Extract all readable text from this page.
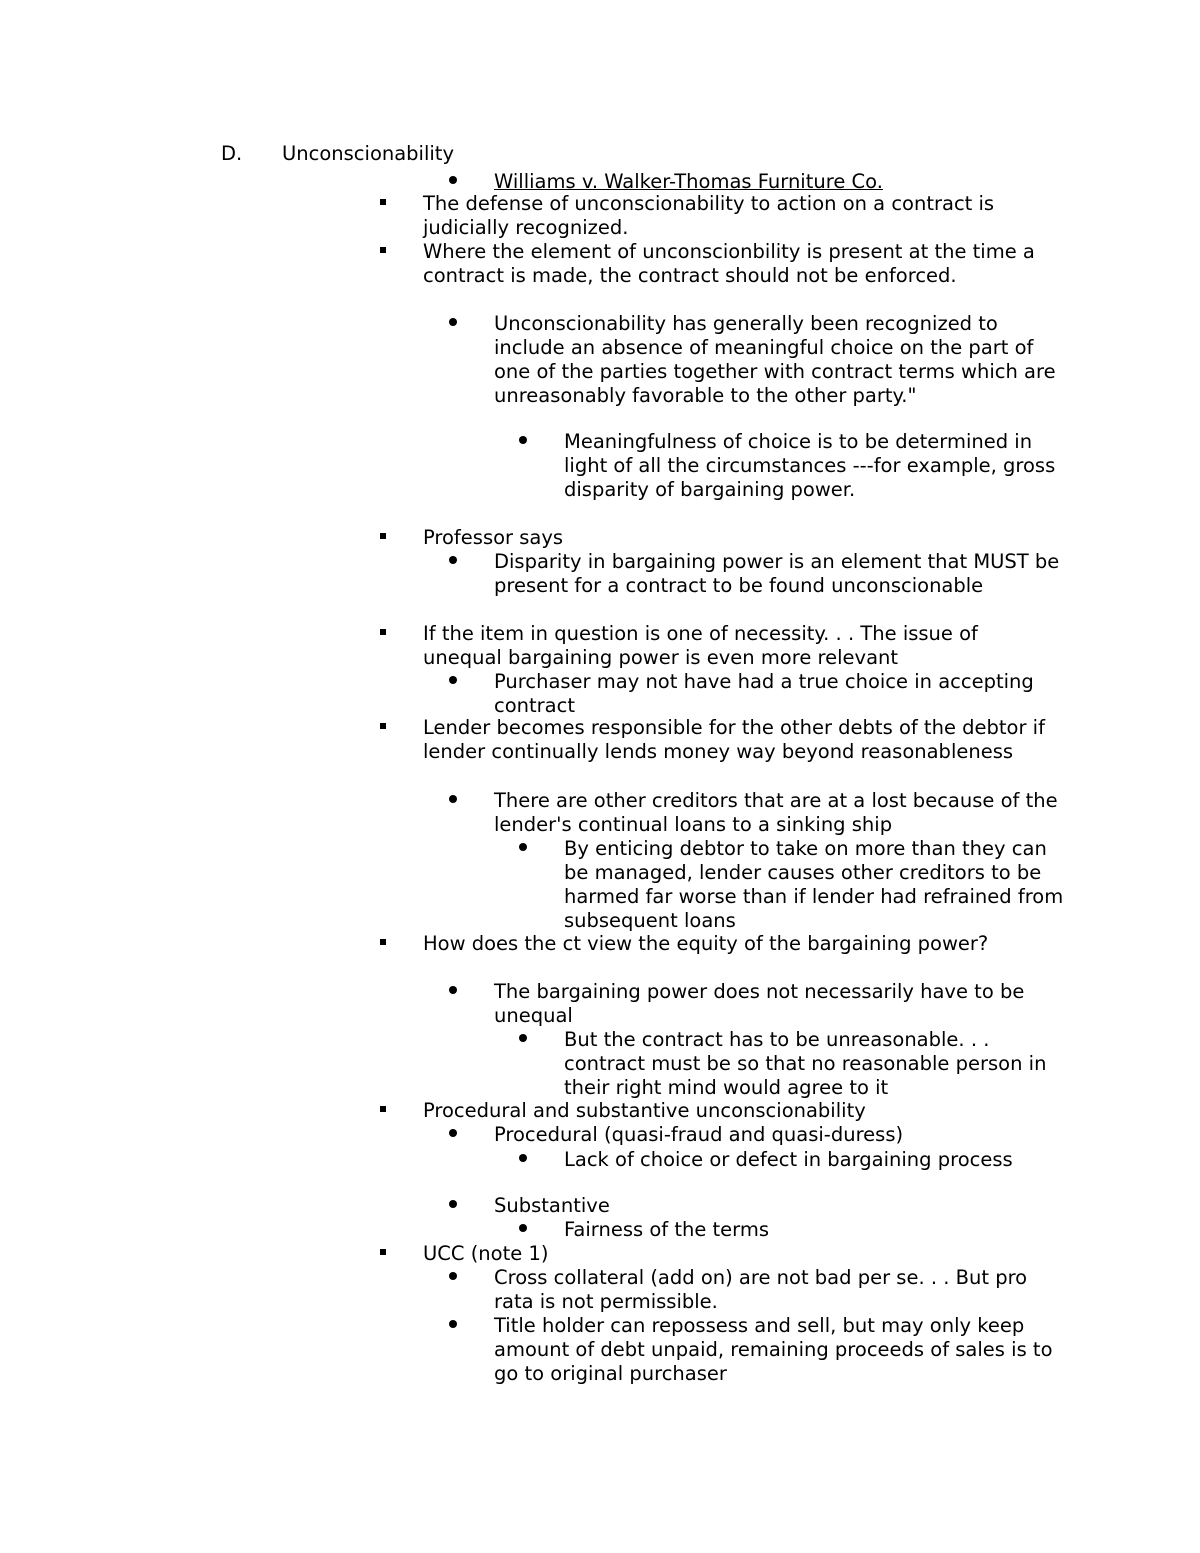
D. Unconscionability
Williams v. Walker-Thomas Furniture Co.
The defense of unconscionability to action on a contract is judicially recognized.
Where the element of unconscionbility is present at the time a contract is made, the contract should not be enforced.
Unconscionability has generally been recognized to include an absence of meaningful choice on the part of one of the parties together with contract terms which are unreasonably favorable to the other party."
Meaningfulness of choice is to be determined in light of all the circumstances ---for example, gross disparity of bargaining power.
Professor says
Disparity in bargaining power is an element that MUST be present for a contract to be found unconscionable
If the item in question is one of necessity. . . The issue of unequal bargaining power is even more relevant
Purchaser may not have had a true choice in accepting contract
Lender becomes responsible for the other debts of the debtor if lender continually lends money way beyond reasonableness
There are other creditors that are at a lost because of the lender's continual loans to a sinking ship
By enticing debtor to take on more than they can be managed, lender causes other creditors to be harmed far worse than if lender had refrained from subsequent loans
How does the ct view the equity of the bargaining power?
The bargaining power does not necessarily have to be unequal
But the contract has to be unreasonable. . . contract must be so that no reasonable person in their right mind would agree to it
Procedural and substantive unconscionability
Procedural (quasi-fraud and quasi-duress)
Lack of choice or defect in bargaining process
Substantive
Fairness of the terms
UCC (note 1)
Cross collateral (add on) are not bad per se. . . But pro rata is not permissible.
Title holder can repossess and sell, but may only keep amount of debt unpaid, remaining proceeds of sales is to go to original purchaser
